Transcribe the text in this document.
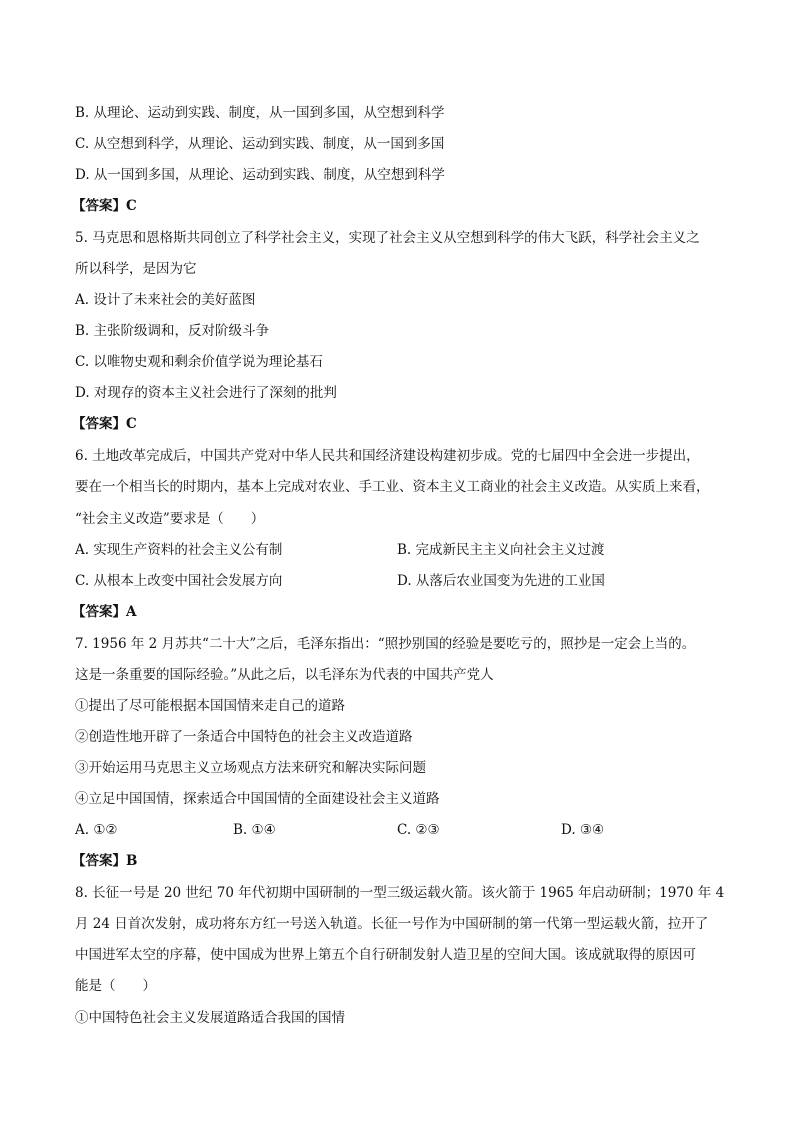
B. 从理论、运动到实践、制度，从一国到多国，从空想到科学
C. 从空想到科学，从理论、运动到实践、制度，从一国到多国
D. 从一国到多国，从理论、运动到实践、制度，从空想到科学
【答案】C
5. 马克思和恩格斯共同创立了科学社会主义，实现了社会主义从空想到科学的伟大飞跃，科学社会主义之
所以科学，是因为它
A. 设计了未来社会的美好蓝图
B. 主张阶级调和，反对阶级斗争
C. 以唯物史观和剩余价值学说为理论基石
D. 对现存的资本主义社会进行了深刻的批判
【答案】C
6. 土地改革完成后，中国共产党对中华人民共和国经济建设构建初步成。党的七届四中全会进一步提出，
要在一个相当长的时期内，基本上完成对农业、手工业、资本主义工商业的社会主义改造。从实质上来看，
“社会主义改造”要求是（　　）
A. 实现生产资料的社会主义公有制	B. 完成新民主主义向社会主义过渡
C. 从根本上改变中国社会发展方向	D. 从落后农业国变为先进的工业国
【答案】A
7. 1956 年 2 月苏共“二十大”之后，毛泽东指出：“照抄别国的经验是要吃亏的，照抄是一定会上当的。
这是一条重要的国际经验。”从此之后，以毛泽东为代表的中国共产党人
①提出了尽可能根据本国国情来走自己的道路
②创造性地开辟了一条适合中国特色的社会主义改造道路
③开始运用马克思主义立场观点方法来研究和解决实际问题
④立足中国国情，探索适合中国国情的全面建设社会主义道路
A. ①②	B. ①④	C. ②③	D. ③④
【答案】B
8. 长征一号是 20 世纪 70 年代初期中国研制的一型三级运载火箭。该火箭于 1965 年启动研制；1970 年 4
月 24 日首次发射，成功将东方红一号送入轨道。长征一号作为中国研制的第一代第一型运载火箭，拉开了
中国进军太空的序幕，使中国成为世界上第五个自行研制发射人造卫星的空间大国。该成就取得的原因可
能是（　　）
①中国特色社会主义发展道路适合我国的国情
